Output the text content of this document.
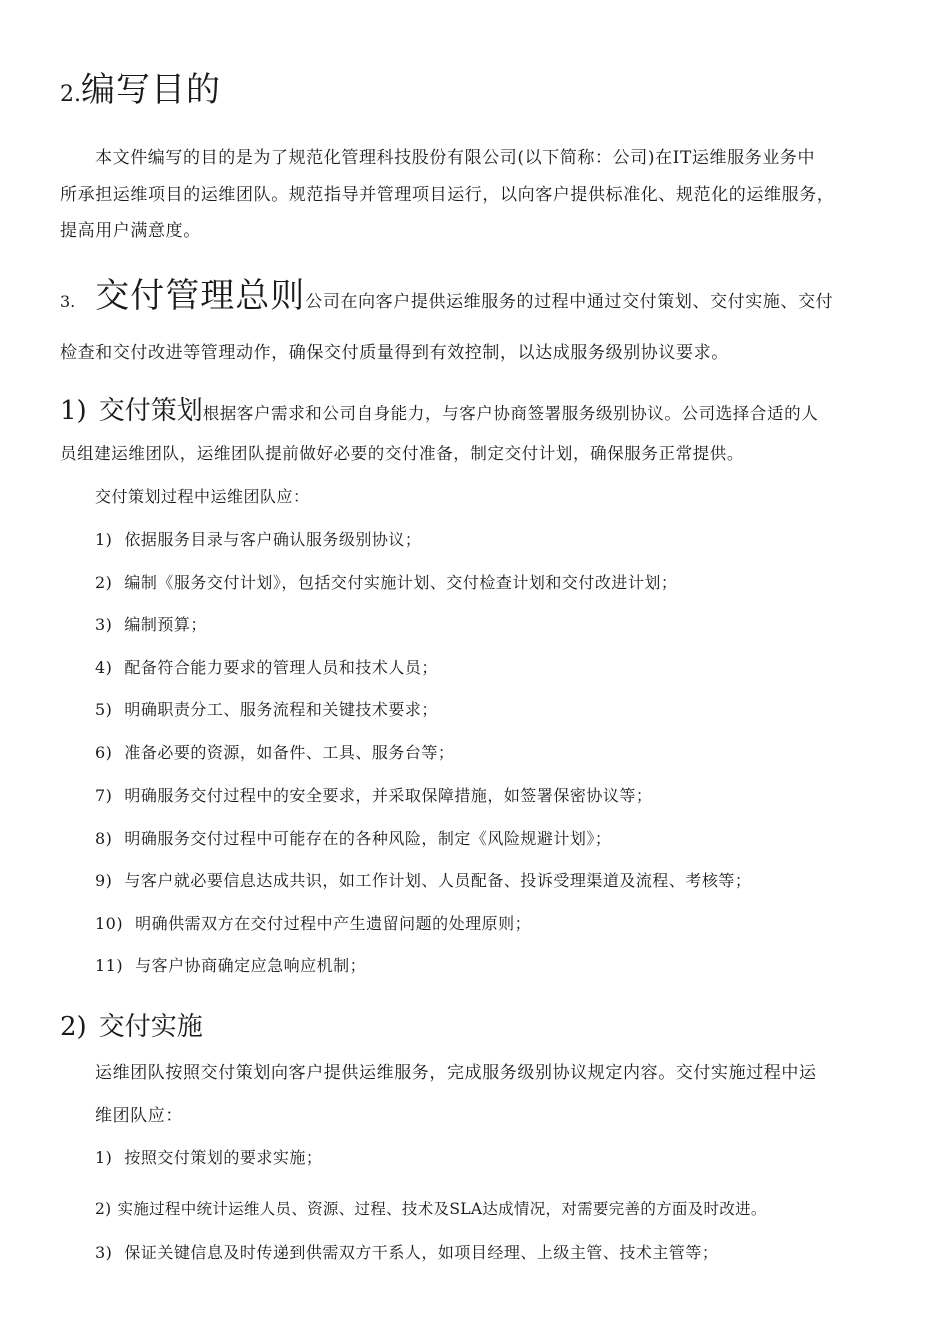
2. 编写目的
本文件编写的目的是为了规范化管理科技股份有限公司(以下简称：公司)在IT运维服务业务中
所承担运维项目的运维团队。规范指导并管理项目运行，以向客户提供标准化、规范化的运维服务，
提高用户满意度。
3. 交付管理总则 公司在向客户提供运维服务的过程中通过交付策划、交付实施、交付
检查和交付改进等管理动作，确保交付质量得到有效控制，以达成服务级别协议要求。
1) 交付策划 根据客户需求和公司自身能力，与客户协商签署服务级别协议。公司选择合适的人
员组建运维团队，运维团队提前做好必要的交付准备，制定交付计划，确保服务正常提供。
交付策划过程中运维团队应：
1) 依据服务目录与客户确认服务级别协议；
2) 编制《服务交付计划》，包括交付实施计划、交付检查计划和交付改进计划；
3) 编制预算；
4) 配备符合能力要求的管理人员和技术人员；
5) 明确职责分工、服务流程和关键技术要求；
6) 准备必要的资源，如备件、工具、服务台等；
7) 明确服务交付过程中的安全要求，并采取保障措施，如签署保密协议等；
8) 明确服务交付过程中可能存在的各种风险，制定《风险规避计划》；
9) 与客户就必要信息达成共识，如工作计划、人员配备、投诉受理渠道及流程、考核等；
10) 明确供需双方在交付过程中产生遗留问题的处理原则；
11) 与客户协商确定应急响应机制；
2) 交付实施
运维团队按照交付策划向客户提供运维服务，完成服务级别协议规定内容。交付实施过程中运
维团队应：
1) 按照交付策划的要求实施；
2) 实施过程中统计运维人员、资源、过程、技术及SLA达成情况，对需要完善的方面及时改进。
3) 保证关键信息及时传递到供需双方干系人，如项目经理、上级主管、技术主管等；
